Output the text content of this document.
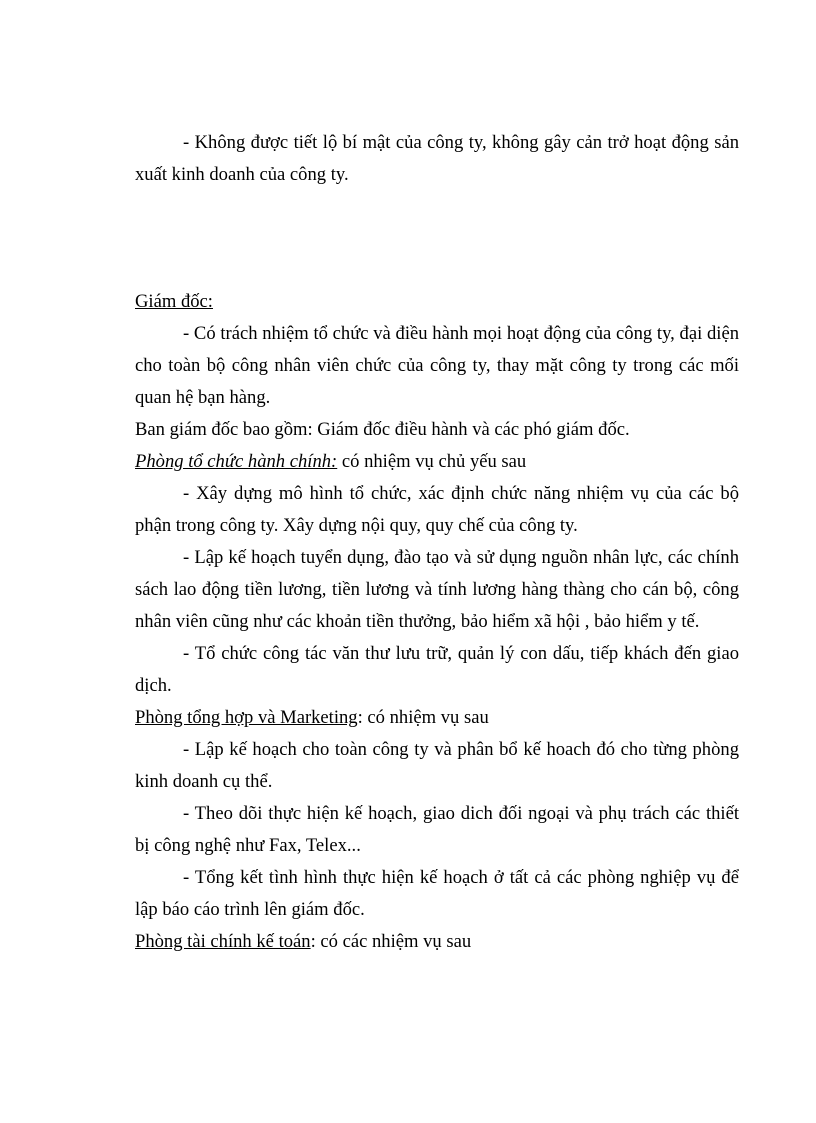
- Không được tiết lộ bí mật của công ty, không gây cản trở hoạt động sản xuất kinh doanh của công ty.

Giám đốc:

- Có trách nhiệm tổ chức và điều hành mọi hoạt động của công ty, đại diện cho toàn bộ công nhân viên chức của công ty, thay mặt công ty trong các mối quan hệ bạn hàng.

Ban giám đốc bao gồm: Giám đốc điều hành và các phó giám đốc.

Phòng tổ chức hành chính: có nhiệm vụ chủ yếu sau

- Xây dựng mô hình tổ chức, xác định chức năng nhiệm vụ của các bộ phận trong công ty. Xây dựng nội quy, quy chế của công ty.

- Lập kế hoạch tuyển dụng, đào tạo và sử dụng nguồn nhân lực, các chính sách lao động tiền lương, tiền lương và tính lương hàng thàng cho cán bộ, công nhân viên cũng như các khoản tiền thưởng, bảo hiểm xã hội , bảo hiểm y tế.

- Tổ chức công tác văn thư lưu trữ, quản lý con dấu, tiếp khách đến giao dịch.

Phòng tổng hợp và Marketing: có nhiệm vụ sau

- Lập kế hoạch cho toàn công ty và phân bổ kế hoach đó cho từng phòng kinh doanh cụ thể.

- Theo dõi thực hiện kế hoạch, giao dich đối ngoại và phụ trách các thiết bị công nghệ như Fax, Telex...

- Tổng kết tình hình thực hiện kế hoạch ở tất cả các phòng nghiệp vụ để lập báo cáo trình lên giám đốc.

Phòng tài chính kế toán: có các nhiệm vụ sau
